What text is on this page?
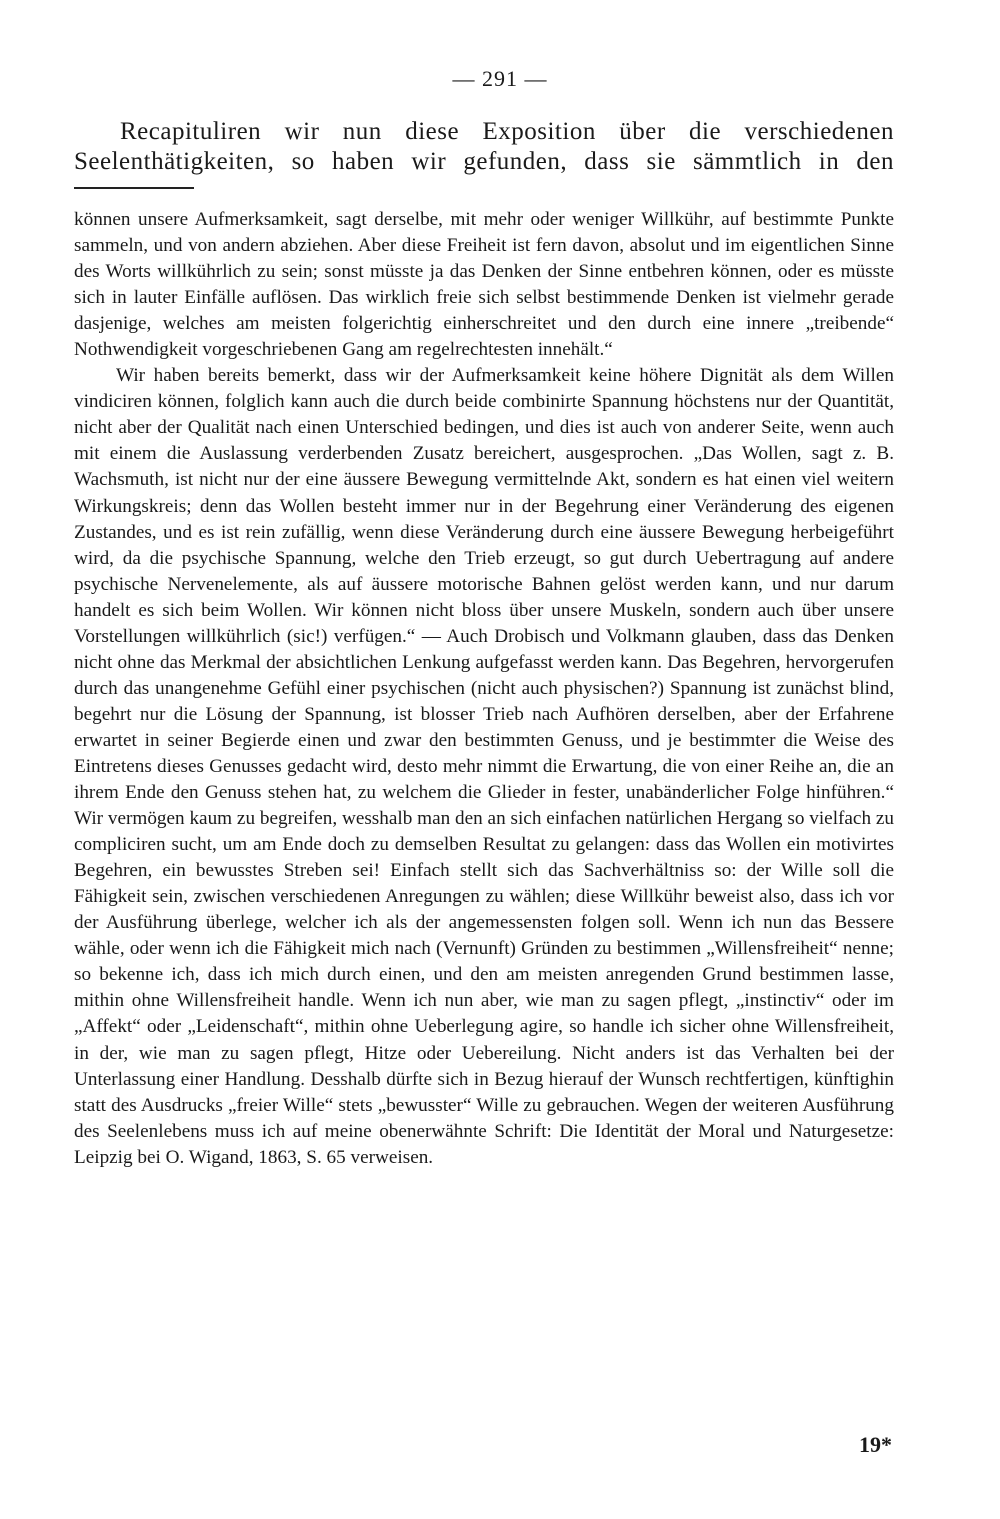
— 291 —
Recapituliren wir nun diese Exposition über die verschiedenen Seelenthätigkeiten, so haben wir gefunden, dass sie sämmtlich in den

können unsere Aufmerksamkeit, sagt derselbe, mit mehr oder weniger Willkühr, auf bestimmte Punkte sammeln, und von andern abziehen. Aber diese Freiheit ist fern davon, absolut und im eigentlichen Sinne des Worts willkührlich zu sein; sonst müsste ja das Denken der Sinne entbehren können, oder es müsste sich in lauter Einfälle auflösen. Das wirklich freie sich selbst bestimmende Denken ist vielmehr gerade dasjenige, welches am meisten folgerichtig einherschreitet und den durch eine innere „treibende“ Nothwendigkeit vorgeschriebenen Gang am regelrechtesten innehält.“

Wir haben bereits bemerkt, dass wir der Aufmerksamkeit keine höhere Dignität als dem Willen vindiciren können, folglich kann auch die durch beide combinirte Spannung höchstens nur der Quantität, nicht aber der Qualität nach einen Unterschied bedingen, und dies ist auch von anderer Seite, wenn auch mit einem die Auslassung verderbenden Zusatz bereichert, ausgesprochen. „Das Wollen, sagt z. B. Wachsmuth, ist nicht nur der eine äussere Bewegung vermittelnde Akt, sondern es hat einen viel weitern Wirkungskreis; denn das Wollen besteht immer nur in der Begehrung einer Veränderung des eigenen Zustandes, und es ist rein zufällig, wenn diese Veränderung durch eine äussere Bewegung herbeigeführt wird, da die psychische Spannung, welche den Trieb erzeugt, so gut durch Uebertragung auf andere psychische Nervenelemente, als auf äussere motorische Bahnen gelöst werden kann, und nur darum handelt es sich beim Wollen. Wir können nicht bloss über unsere Muskeln, sondern auch über unsere Vorstellungen willkührlich (sic!) verfügen.“ — Auch Drobisch und Volkmann glauben, dass das Denken nicht ohne das Merkmal der absichtlichen Lenkung aufgefasst werden kann. Das Begehren, hervorgerufen durch das unangenehme Gefühl einer psychischen (nicht auch physischen?) Spannung ist zunächst blind, begehrt nur die Lösung der Spannung, ist blosser Trieb nach Aufhören derselben, aber der Erfahrene erwartet in seiner Begierde einen und zwar den bestimmten Genuss, und je bestimmter die Weise des Eintretens dieses Genusses gedacht wird, desto mehr nimmt die Erwartung, die von einer Reihe an, die an ihrem Ende den Genuss stehen hat, zu welchem die Glieder in fester, unabänderlicher Folge hinführen.“ Wir vermögen kaum zu begreifen, wesshalb man den an sich einfachen natürlichen Hergang so vielfach zu compliciren sucht, um am Ende doch zu demselben Resultat zu gelangen: dass das Wollen ein motivirtes Begehren, ein bewusstes Streben sei! Einfach stellt sich das Sachverhältniss so: der Wille soll die Fähigkeit sein, zwischen verschiedenen Anregungen zu wählen; diese Willkühr beweist also, dass ich vor der Ausführung überlege, welcher ich als der angemessensten folgen soll. Wenn ich nun das Bessere wähle, oder wenn ich die Fähigkeit mich nach (Vernunft) Gründen zu bestimmen „Willensfreiheit“ nenne; so bekenne ich, dass ich mich durch einen, und den am meisten anregenden Grund bestimmen lasse, mithin ohne Willensfreiheit handle. Wenn ich nun aber, wie man zu sagen pflegt, „instinctiv“ oder im „Affekt“ oder „Leidenschaft“, mithin ohne Ueberlegung agire, so handle ich sicher ohne Willensfreiheit, in der, wie man zu sagen pflegt, Hitze oder Uebereilung. Nicht anders ist das Verhalten bei der Unterlassung einer Handlung. Desshalb dürfte sich in Bezug hierauf der Wunsch rechtfertigen, künftighin statt des Ausdrucks „freier Wille“ stets „bewusster“ Wille zu gebrauchen. Wegen der weiteren Ausführung des Seelenlebens muss ich auf meine obenerwähnte Schrift: Die Identität der Moral und Naturgesetze: Leipzig bei O. Wigand, 1863, S. 65 verweisen.

19*
